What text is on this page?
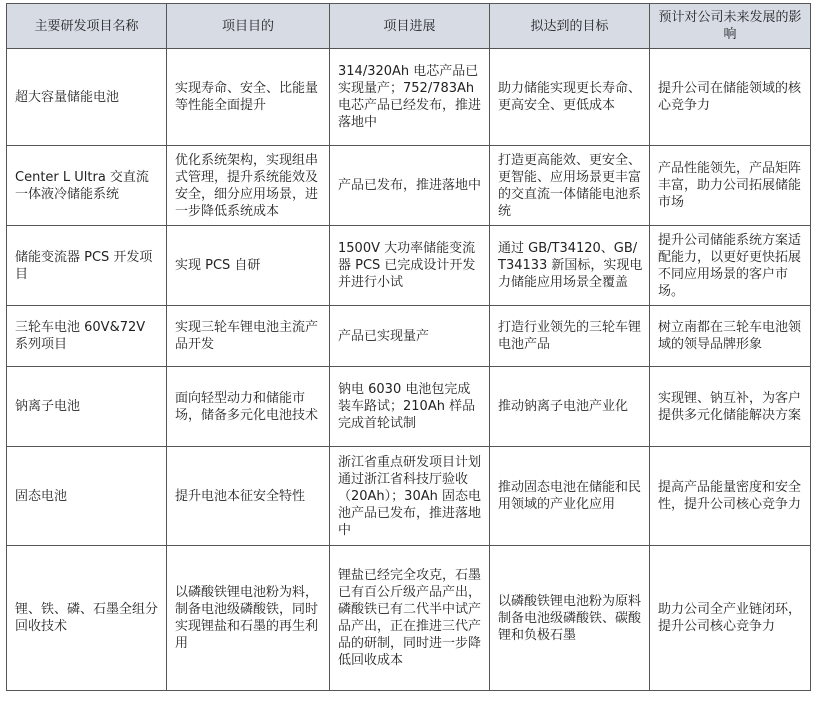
主要研发项目名称	项目目的	项目进展	拟达到的目标	预计对公司未来发展的影响
超大容量储能电池	实现寿命、安全、比能量等性能全面提升	314/320Ah 电芯产品已实现量产；752/783Ah 电芯产品已经发布，推进落地中	助力储能实现更长寿命、更高安全、更低成本	提升公司在储能领域的核心竞争力
Center L Ultra 交直流一体液冷储能系统	优化系统架构，实现组串式管理，提升系统能效及安全，细分应用场景，进一步降低系统成本	产品已发布，推进落地中	打造更高能效、更安全、更智能、应用场景更丰富的交直流一体储能电池系统	产品性能领先，产品矩阵丰富，助力公司拓展储能市场
储能变流器 PCS 开发项目	实现 PCS 自研	1500V 大功率储能变流器 PCS 已完成设计开发并进行小试	通过 GB/T34120、GB/T34133 新国标，实现电力储能应用场景全覆盖	提升公司储能系统方案适配能力，以更好更快拓展不同应用场景的客户市场。
三轮车电池 60V&72V 系列项目	实现三轮车锂电池主流产品开发	产品已实现量产	打造行业领先的三轮车锂电池产品	树立南都在三轮车电池领域的领导品牌形象
钠离子电池	面向轻型动力和储能市场，储备多元化电池技术	钠电 6030 电池包完成装车路试；210Ah 样品完成首轮试制	推动钠离子电池产业化	实现锂、钠互补，为客户提供多元化储能解决方案
固态电池	提升电池本征安全特性	浙江省重点研发项目计划通过浙江省科技厅验收（20Ah）；30Ah 固态电池产品已发布，推进落地中	推动固态电池在储能和民用领域的产业化应用	提高产品能量密度和安全性，提升公司核心竞争力
锂、铁、磷、石墨全组分回收技术	以磷酸铁锂电池粉为料，制备电池级磷酸铁，同时实现锂盐和石墨的再生利用	锂盐已经完全攻克，石墨已有百公斤级产品产出，磷酸铁已有二代半中试产品产出，正在推进三代产品的研制，同时进一步降低回收成本	以磷酸铁锂电池粉为原料制备电池级磷酸铁、碳酸锂和负极石墨	助力公司全产业链闭环，提升公司核心竞争力
